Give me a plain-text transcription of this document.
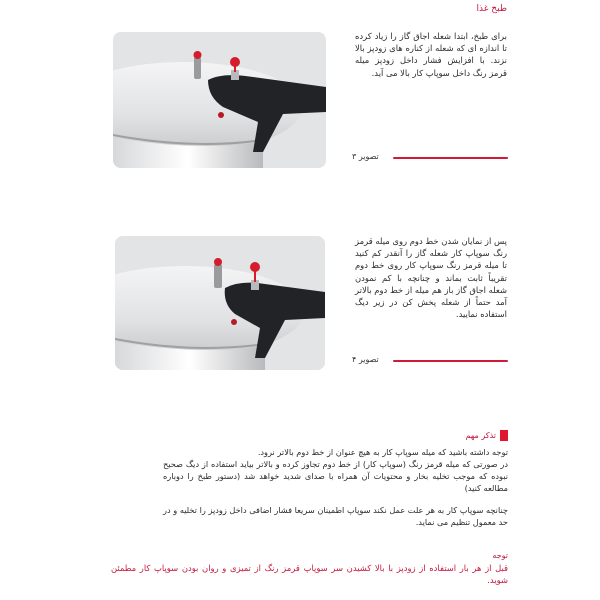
طبخ غذا
برای طبخ، ابتدا شعله اجاق گاز را زیاد کرده تا اندازه ای که شعله از کناره های زودپز بالا نزند. با افزایش فشار داخل زودپز میله قرمز رنگ داخل سوپاپ کار بالا می آید.
تصویر ۳
پس از نمایان شدن خط دوم روی میله قرمز رنگ سوپاپ کار شعله گاز را آنقدر کم کنید تا میله قرمز رنگ سوپاپ کار روی خط دوم تقریباً ثابت بماند و چنانچه با کم نمودن شعله اجاق گاز باز هم میله از خط دوم بالاتر آمد حتماً از شعله پخش کن در زیر دیگ استفاده نمایید.
تصویر ۴
تذکر مهم

توجه داشته باشید که میله سوپاپ کار به هیچ عنوان از خط دوم بالاتر نرود.

در صورتی که میله قرمز رنگ (سوپاپ کار) از خط دوم تجاوز کرده و بالاتر بیاید استفاده از دیگ صحیح نبوده که موجب تخلیه بخار و محتویات آن همراه با صدای شدید خواهد شد (دستور طبخ را دوباره مطالعه کنید)

چنانچه سوپاپ کار به هر علت عمل نکند سوپاپ اطمینان سریعا فشار اضافی داخل زودپز را تخلیه و در حد معمول تنظیم می نماید.

توجه
قبل از هر بار استفاده از زودپز با بالا کشیدن سر سوپاپ قرمز رنگ از تمیزی و روان بودن سوپاپ کار مطمئن شوید.
